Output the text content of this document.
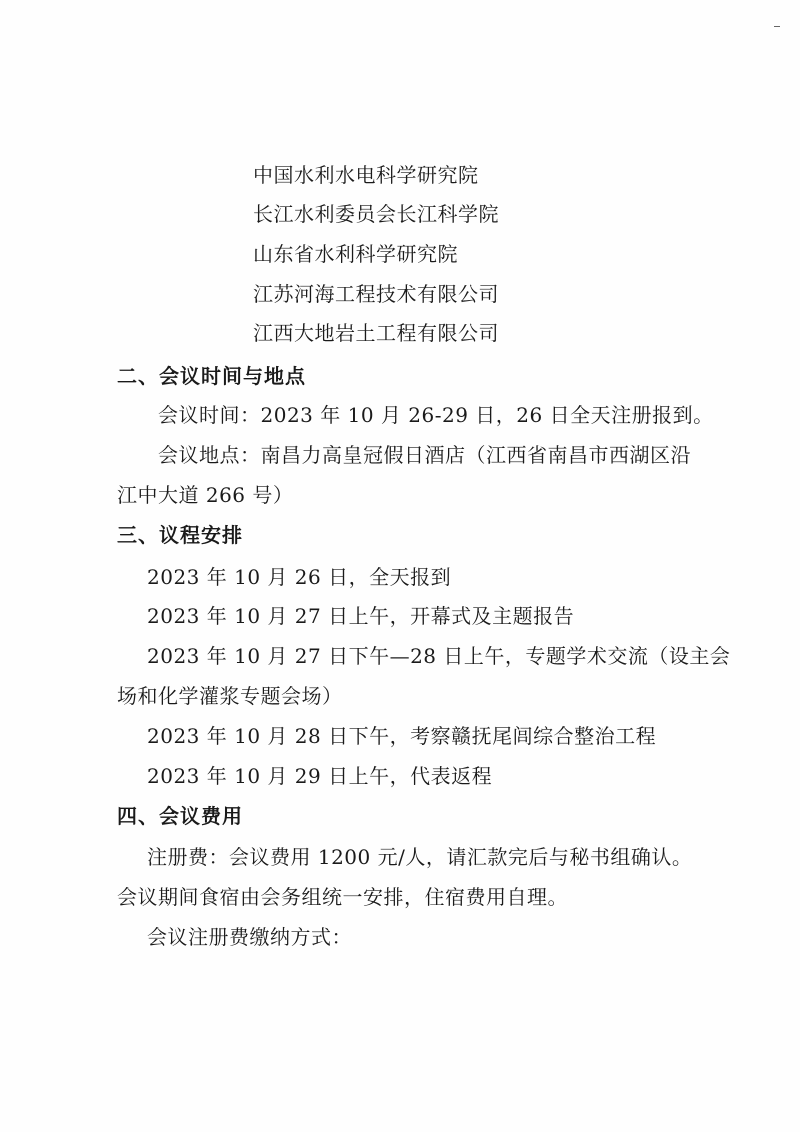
中国水利水电科学研究院
长江水利委员会长江科学院
山东省水利科学研究院
江苏河海工程技术有限公司
江西大地岩土工程有限公司
二、会议时间与地点
会议时间：2023 年 10 月 26-29 日，26 日全天注册报到。
会议地点：南昌力高皇冠假日酒店（江西省南昌市西湖区沿
江中大道 266 号）
三、议程安排
2023 年 10 月 26 日，全天报到
2023 年 10 月 27 日上午，开幕式及主题报告
2023 年 10 月 27 日下午—28 日上午，专题学术交流（设主会
场和化学灌浆专题会场）
2023 年 10 月 28 日下午，考察赣抚尾闾综合整治工程
2023 年 10 月 29 日上午，代表返程
四、会议费用
注册费：会议费用 1200 元/人，请汇款完后与秘书组确认。
会议期间食宿由会务组统一安排，住宿费用自理。
会议注册费缴纳方式：
